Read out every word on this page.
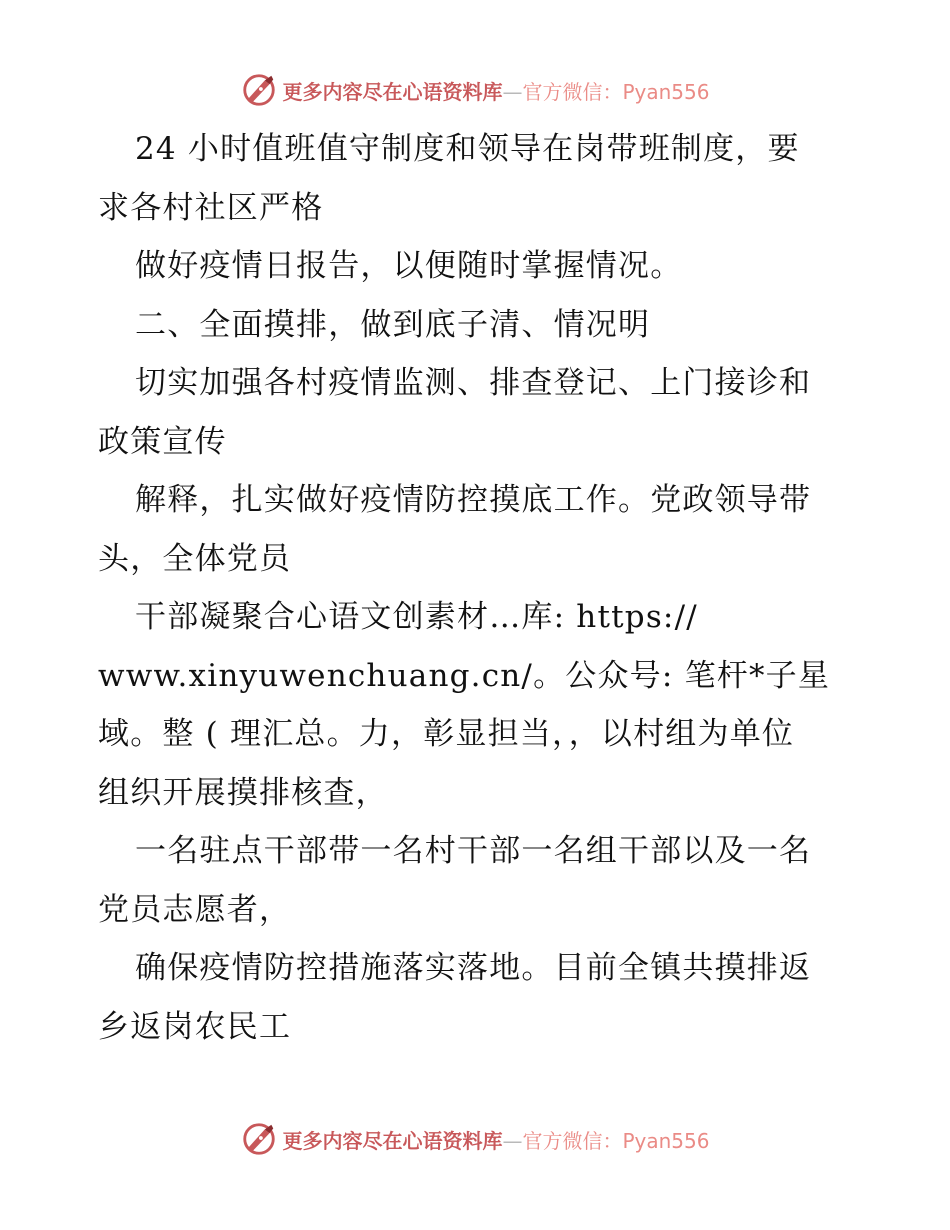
更多内容尽在心语资料库—官方微信：Pyan556

24 小时值班值守制度和领导在岗带班制度，要

求各村社区严格

做好疫情日报告，以便随时掌握情况。

二、全面摸排，做到底子清、情况明

切实加强各村疫情监测、排查登记、上门接诊和

政策宣传

解释，扎实做好疫情防控摸底工作。党政领导带

头，全体党员

干部凝聚合心语文创素材…库: https://

www.xinyuwenchuang.cn/。公众号: 笔杆*子星

域。整 ( 理汇总。力，彰显担当，，以村组为单位

组织开展摸排核查，

一名驻点干部带一名村干部一名组干部以及一名

党员志愿者，

确保疫情防控措施落实落地。目前全镇共摸排返

乡返岗农民工

更多内容尽在心语资料库—官方微信：Pyan556
